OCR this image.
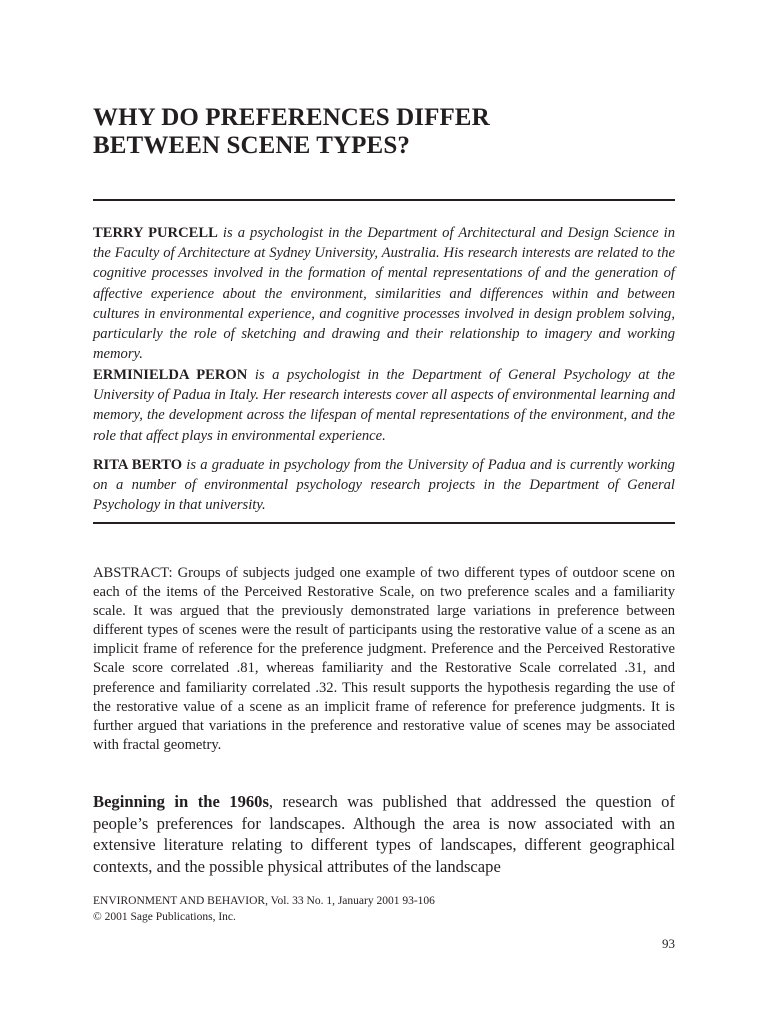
WHY DO PREFERENCES DIFFER
BETWEEN SCENE TYPES?

TERRY PURCELL is a psychologist in the Department of Architectural and Design Science in the Faculty of Architecture at Sydney University, Australia. His research interests are related to the cognitive processes involved in the formation of mental representations of and the generation of affective experience about the environment, similarities and differences within and between cultures in environmental experience, and cognitive processes involved in design problem solving, particularly the role of sketching and drawing and their relationship to imagery and working memory.

ERMINIELDA PERON is a psychologist in the Department of General Psychology at the University of Padua in Italy. Her research interests cover all aspects of environmental learning and memory, the development across the lifespan of mental representations of the environment, and the role that affect plays in environmental experience.

RITA BERTO is a graduate in psychology from the University of Padua and is currently working on a number of environmental psychology research projects in the Department of General Psychology in that university.

ABSTRACT: Groups of subjects judged one example of two different types of outdoor scene on each of the items of the Perceived Restorative Scale, on two preference scales and a familiarity scale. It was argued that the previously demonstrated large variations in preference between different types of scenes were the result of participants using the restorative value of a scene as an implicit frame of reference for the preference judgment. Preference and the Perceived Restorative Scale score correlated .81, whereas familiarity and the Restorative Scale correlated .31, and preference and familiarity correlated .32. This result supports the hypothesis regarding the use of the restorative value of a scene as an implicit frame of reference for preference judgments. It is further argued that variations in the preference and restorative value of scenes may be associated with fractal geometry.

Beginning in the 1960s, research was published that addressed the question of people’s preferences for landscapes. Although the area is now associated with an extensive literature relating to different types of landscapes, different geographical contexts, and the possible physical attributes of the landscape

ENVIRONMENT AND BEHAVIOR, Vol. 33 No. 1, January 2001 93-106
© 2001 Sage Publications, Inc.
93
